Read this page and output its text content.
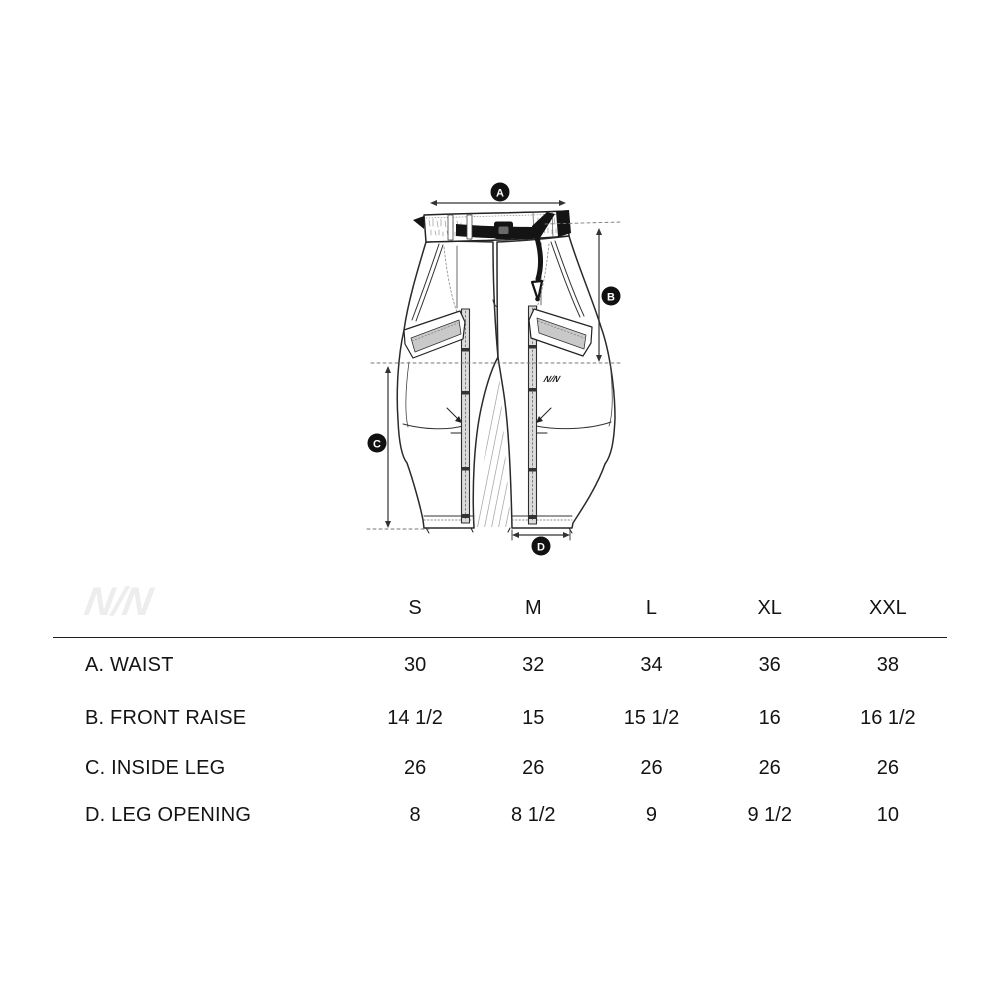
N/N
A
B
C
D
N/N	S	M	L	XL	XXL
A. WAIST	30	32	34	36	38
B. FRONT RAISE	14 1/2	15	15 1/2	16	16 1/2
C. INSIDE LEG	26	26	26	26	26
D. LEG OPENING	8	8 1/2	9	9 1/2	10
